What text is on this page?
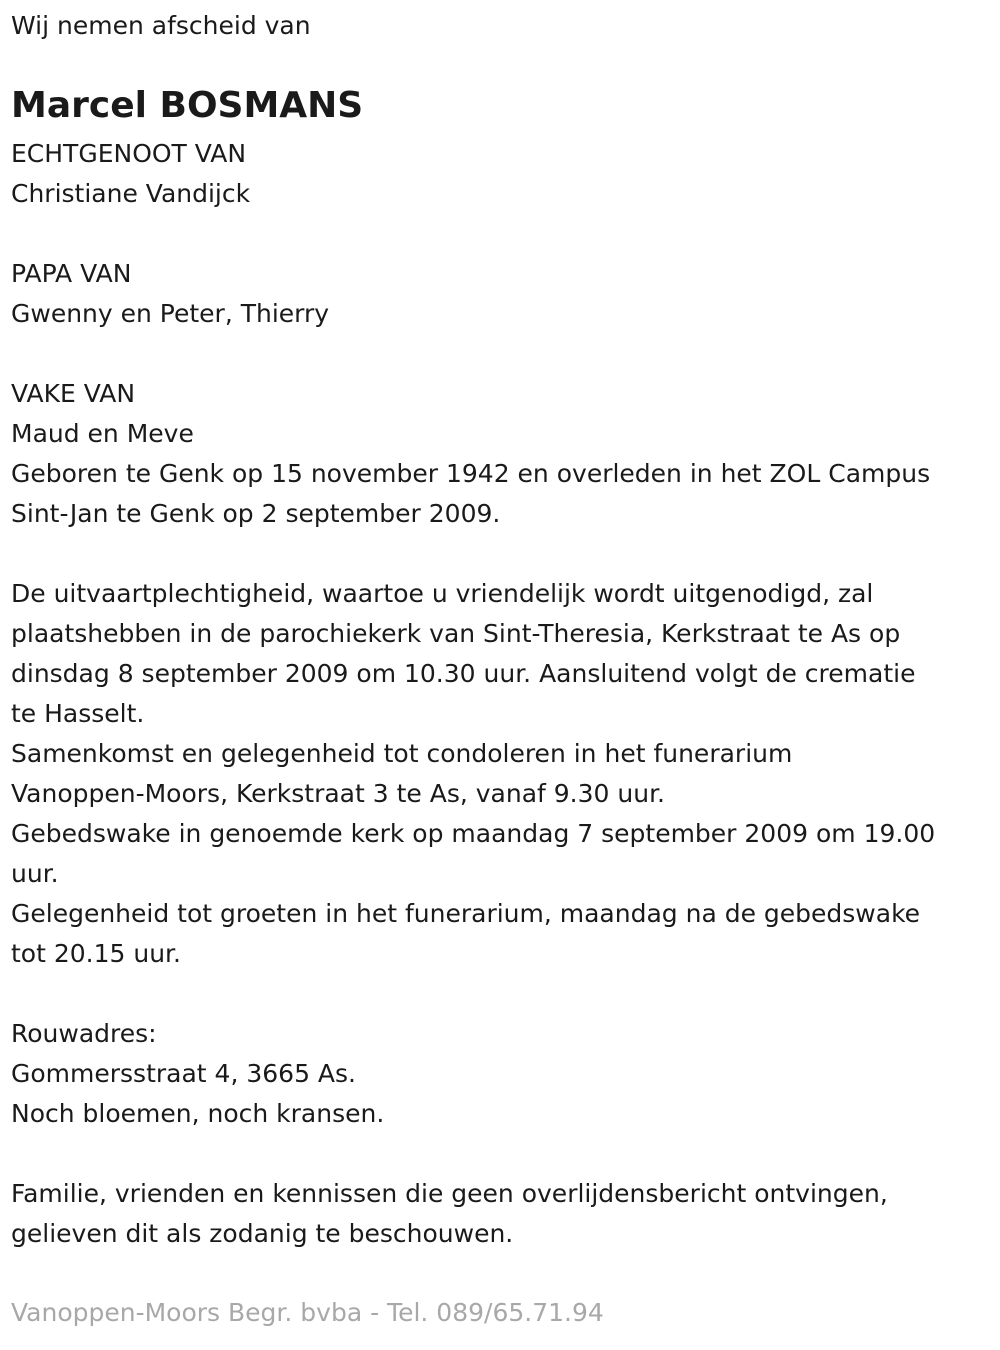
Wij nemen afscheid van

Marcel BOSMANS

ECHTGENOOT VAN

Christiane Vandijck

PAPA VAN

Gwenny en Peter, Thierry

VAKE VAN

Maud en Meve

Geboren te Genk op 15 november 1942 en overleden in het ZOL Campus

Sint-Jan te Genk op 2 september 2009.

De uitvaartplechtigheid, waartoe u vriendelijk wordt uitgenodigd, zal

plaatshebben in de parochiekerk van Sint-Theresia, Kerkstraat te As op

dinsdag 8 september 2009 om 10.30 uur. Aansluitend volgt de crematie

te Hasselt.

Samenkomst en gelegenheid tot condoleren in het funerarium

Vanoppen-Moors, Kerkstraat 3 te As, vanaf 9.30 uur.

Gebedswake in genoemde kerk op maandag 7 september 2009 om 19.00

uur.

Gelegenheid tot groeten in het funerarium, maandag na de gebedswake

tot 20.15 uur.

Rouwadres:

Gommersstraat 4, 3665 As.

Noch bloemen, noch kransen.

Familie, vrienden en kennissen die geen overlijdensbericht ontvingen,

gelieven dit als zodanig te beschouwen.

Vanoppen-Moors Begr. bvba - Tel. 089/65.71.94
